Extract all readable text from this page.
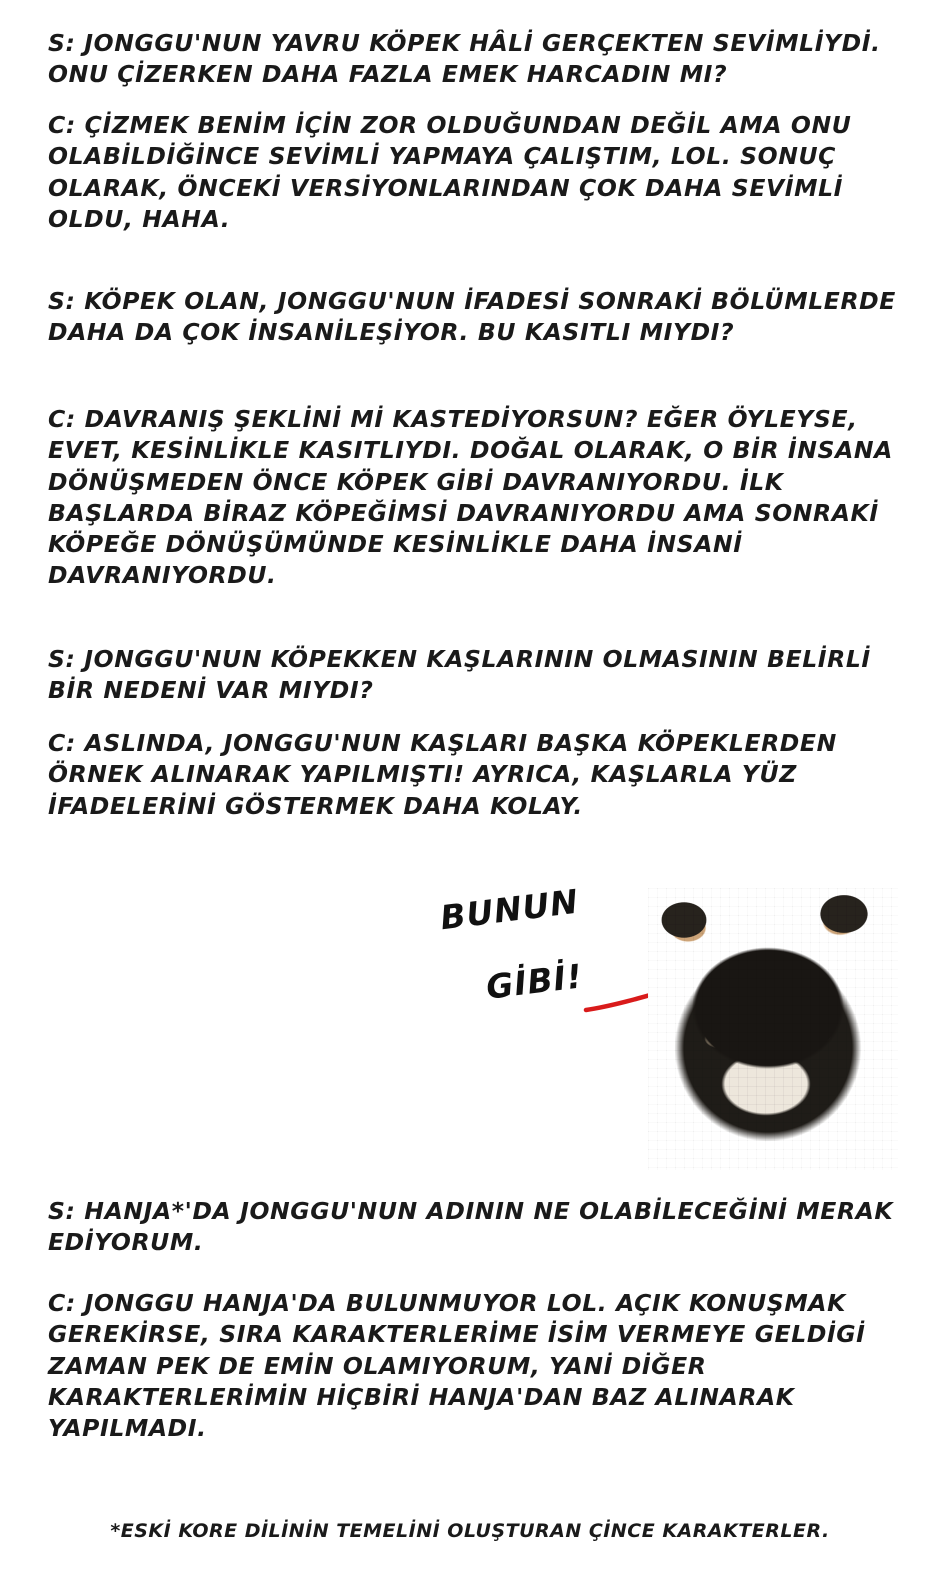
S: JONGGU'NUN YAVRU KÖPEK HÂLİ GERÇEKTEN SEVİMLİYDİ. ONU ÇİZERKEN DAHA FAZLA EMEK HARCADIN MI?

C: ÇİZMEK BENİM İÇİN ZOR OLDUĞUNDAN DEĞİL AMA ONU OLABİLDİĞİNCE SEVİMLİ YAPMAYA ÇALIŞTIM, LOL. SONUÇ OLARAK, ÖNCEKİ VERSİYONLARINDAN ÇOK DAHA SEVİMLİ OLDU, HAHA.

S: KÖPEK OLAN, JONGGU'NUN İFADESİ SONRAKİ BÖLÜMLERDE DAHA DA ÇOK İNSANİLEŞİYOR. BU KASITLI MIYDI?

C: DAVRANIŞ ŞEKLİNİ Mİ KASTEDİYORSUN? EĞER ÖYLEYSE, EVET, KESİNLİKLE KASITLIYDI. DOĞAL OLARAK, O BİR İNSANA DÖNÜŞMEDEN ÖNCE KÖPEK GİBİ DAVRANIYORDU. İLK BAŞLARDA BİRAZ KÖPEĞİMSİ DAVRANIYORDU AMA SONRAKİ KÖPEĞE DÖNÜŞÜMÜNDE KESİNLİKLE DAHA İNSANİ DAVRANIYORDU.

S: JONGGU'NUN KÖPEKKEN KAŞLARININ OLMASININ BELİRLİ BİR NEDENİ VAR MIYDI?

C: ASLINDA, JONGGU'NUN KAŞLARI BAŞKA KÖPEKLERDEN ÖRNEK ALINARAK YAPILMIŞTI! AYRICA, KAŞLARLA YÜZ İFADELERİNİ GÖSTERMEK DAHA KOLAY.

BUNUN
GİBİ!

S: HANJA*'DA JONGGU'NUN ADININ NE OLABİLECEĞİNİ MERAK EDİYORUM.

C: JONGGU HANJA'DA BULUNMUYOR LOL. AÇIK KONUŞMAK GEREKİRSE, SIRA KARAKTERLERİME İSİM VERMEYE GELDİGİ ZAMAN PEK DE EMİN OLAMIYORUM, YANİ DİĞER KARAKTERLERİMİN HİÇBİRİ HANJA'DAN BAZ ALINARAK YAPILMADI.

*ESKİ KORE DİLİNİN TEMELİNİ OLUŞTURAN ÇİNCE KARAKTERLER.
